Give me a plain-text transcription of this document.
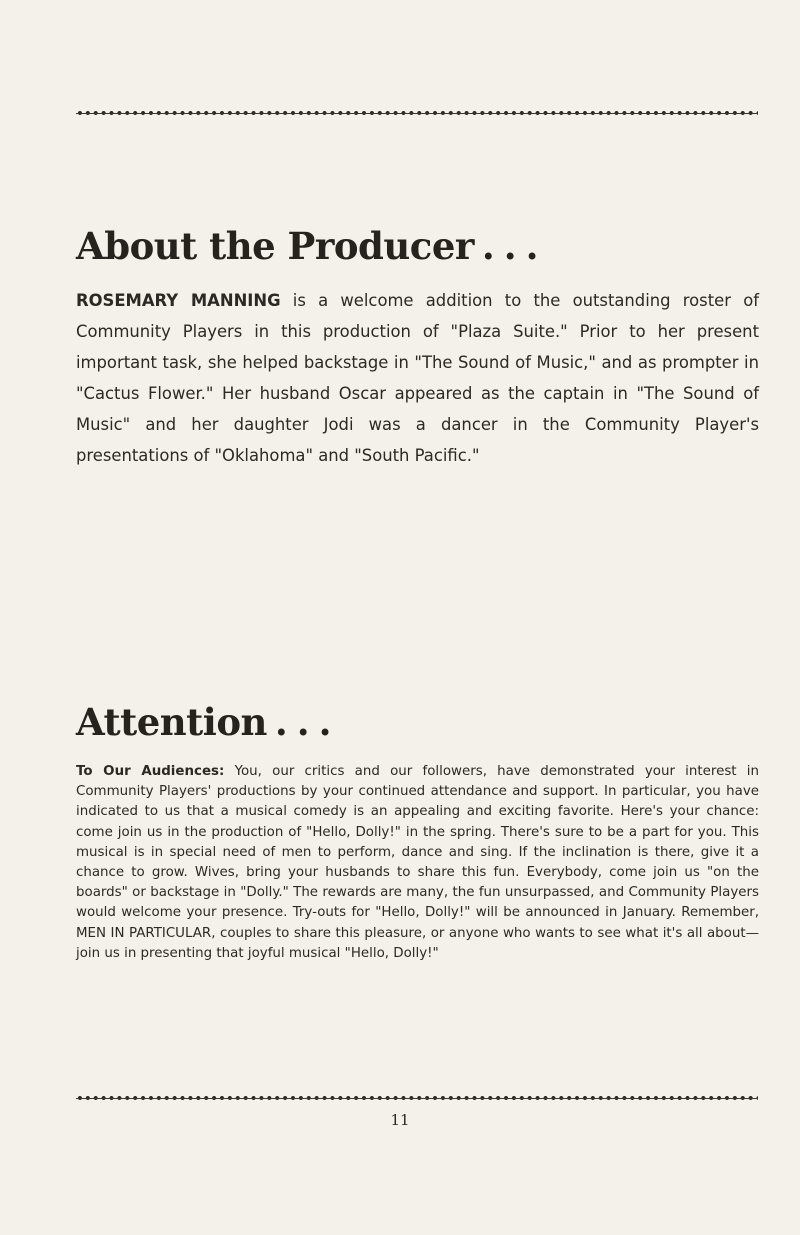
About the Producer ...

ROSEMARY MANNING is a welcome addition to the outstanding roster of Community Players in this production of "Plaza Suite." Prior to her present important task, she helped backstage in "The Sound of Music," and as prompter in "Cactus Flower." Her husband Oscar appeared as the captain in "The Sound of Music" and her daughter Jodi was a dancer in the Community Player's presentations of "Oklahoma" and "South Pacific."

Attention ...

To Our Audiences: You, our critics and our followers, have demonstrated your interest in Community Players' productions by your continued attendance and support. In particular, you have indicated to us that a musical comedy is an appealing and exciting favorite. Here's your chance: come join us in the production of "Hello, Dolly!" in the spring. There's sure to be a part for you. This musical is in special need of men to perform, dance and sing. If the inclination is there, give it a chance to grow. Wives, bring your husbands to share this fun. Everybody, come join us "on the boards" or backstage in "Dolly." The rewards are many, the fun unsurpassed, and Community Players would welcome your presence. Try-outs for "Hello, Dolly!" will be announced in January. Remember, MEN IN PARTICULAR, couples to share this pleasure, or anyone who wants to see what it's all about—join us in presenting that joyful musical "Hello, Dolly!"

11
